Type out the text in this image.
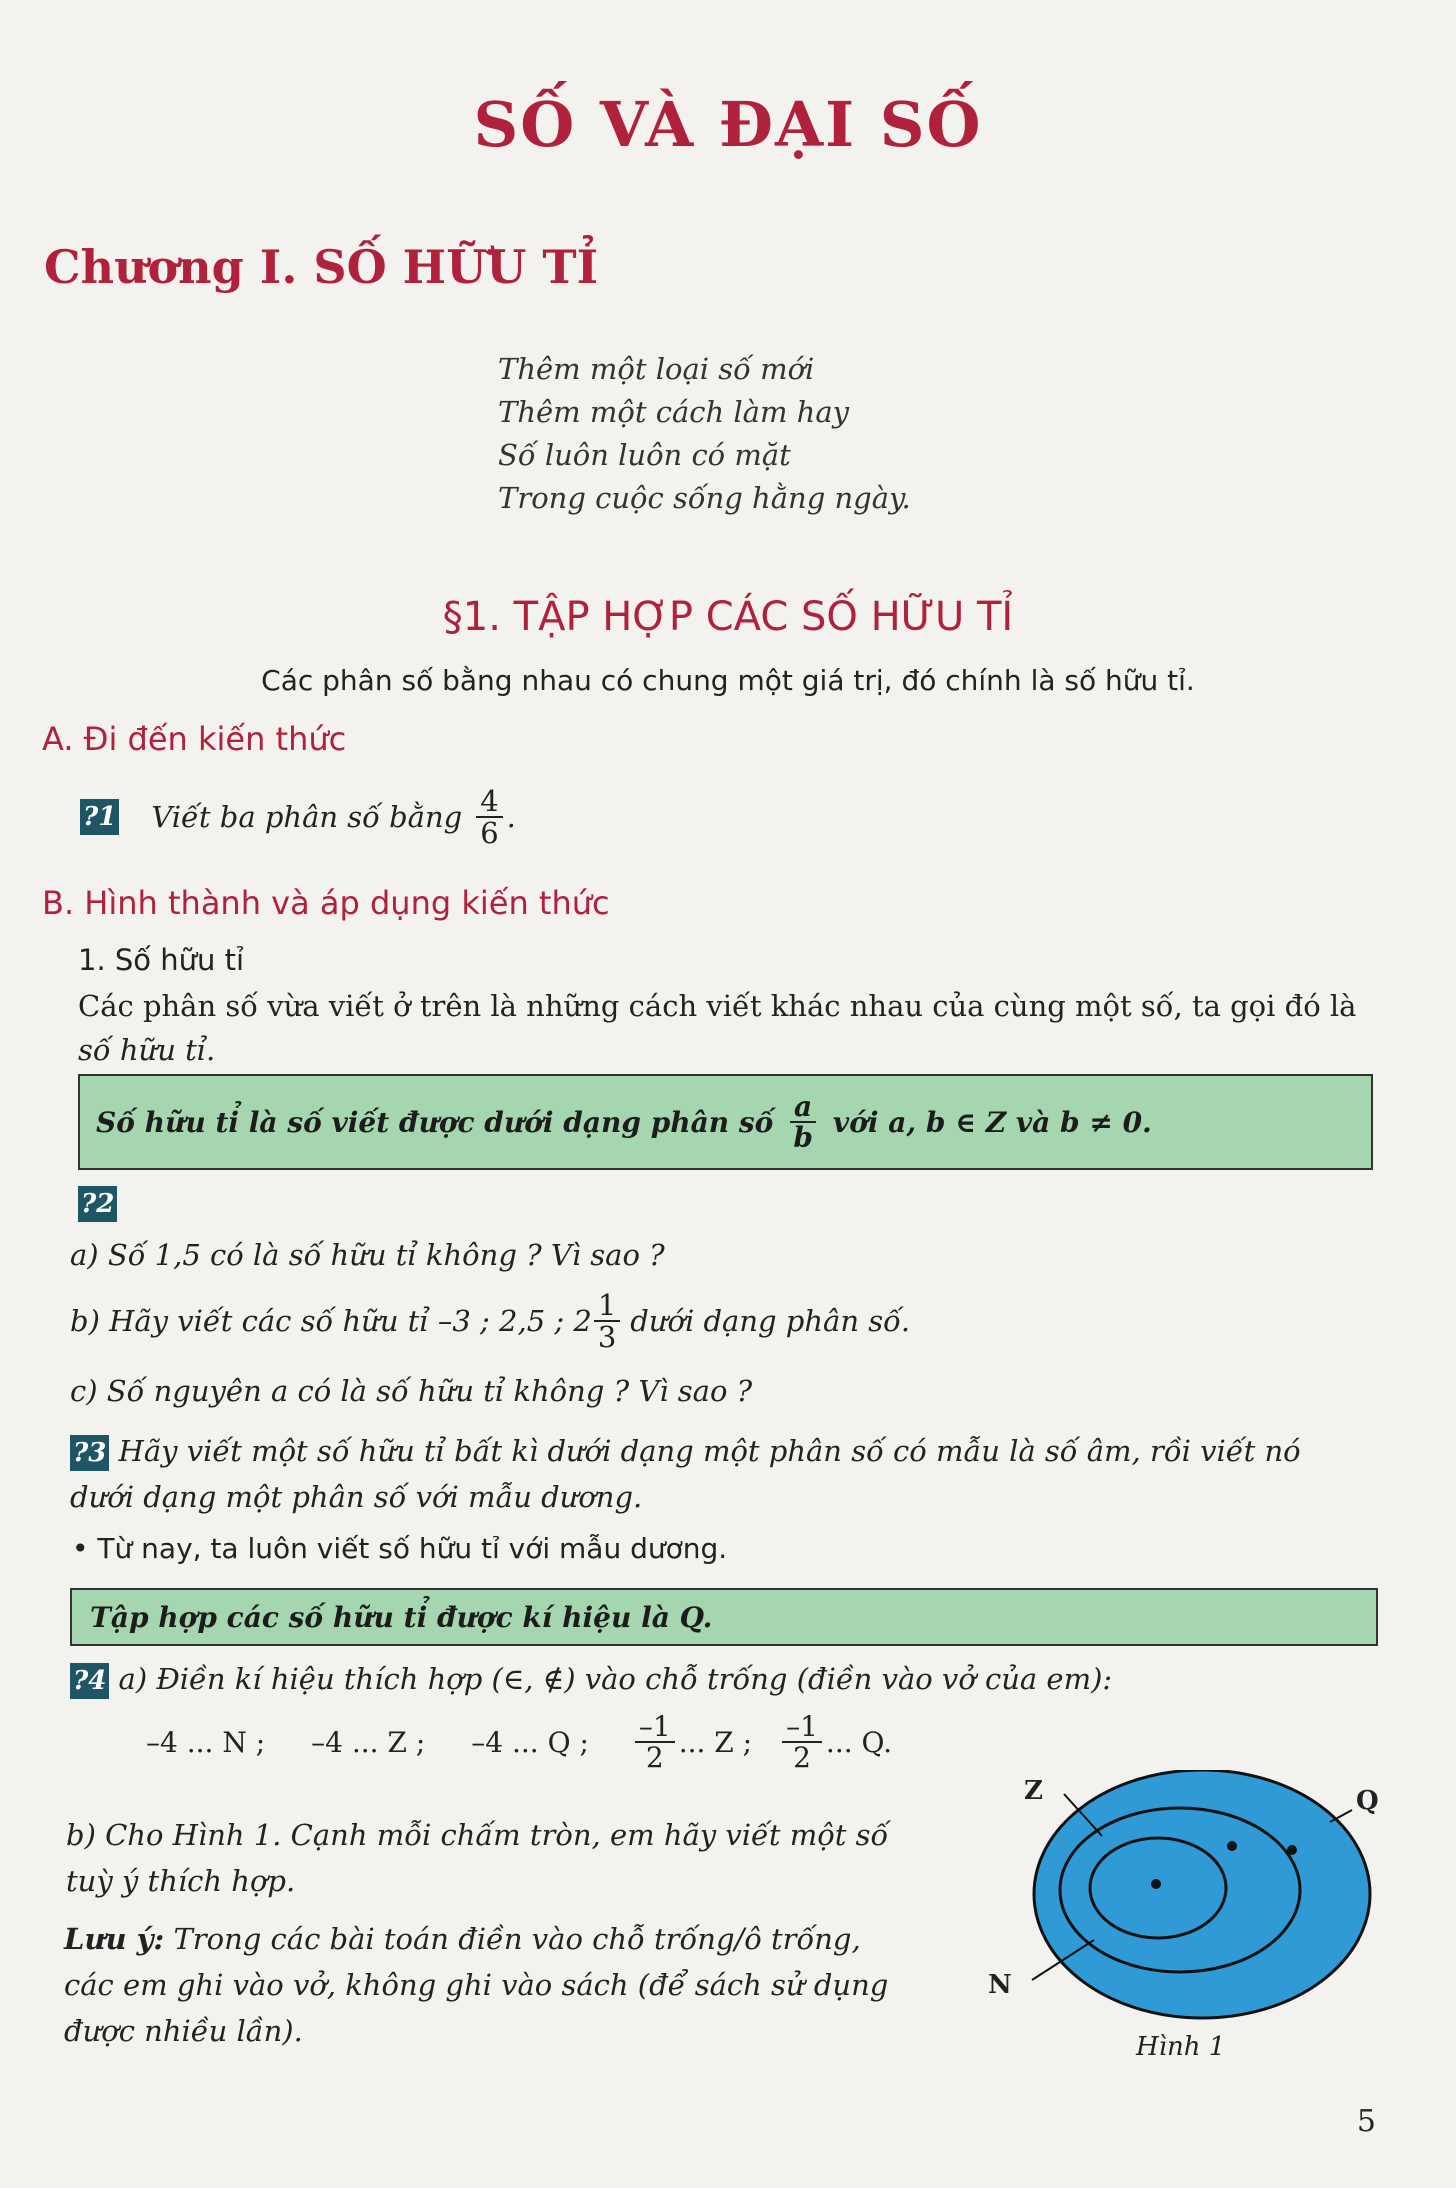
SỐ VÀ ĐẠI SỐ
Chương I. SỐ HỮU TỈ
Thêm một loại số mới
Thêm một cách làm hay
Số luôn luôn có mặt
Trong cuộc sống hằng ngày.
§1. TẬP HỢP CÁC SỐ HỮU TỈ
Các phân số bằng nhau có chung một giá trị, đó chính là số hữu tỉ.
A. Đi đến kiến thức
?1 Viết ba phân số bằng $\frac{4}{6}$ .
B. Hình thành và áp dụng kiến thức
1. Số hữu tỉ
Các phân số vừa viết ở trên là những cách viết khác nhau của cùng một số, ta gọi đó là
số hữu tỉ.
Số hữu tỉ là số viết được dưới dạng phân số $\frac{a}{b}$ với a, b ∈ Z và b ≠ 0.
?2
a) Số 1,5 có là số hữu tỉ không ? Vì sao ?
b) Hãy viết các số hữu tỉ –3 ; 2,5 ; $2 \frac{1}{3}$ dưới dạng phân số.
c) Số nguyên a có là số hữu tỉ không ? Vì sao ?
?3 Hãy viết một số hữu tỉ bất kì dưới dạng một phân số có mẫu là số âm, rồi viết nó
dưới dạng một phân số với mẫu dương.
• Từ nay, ta luôn viết số hữu tỉ với mẫu dương.
Tập hợp các số hữu tỉ được kí hiệu là Q.
?4 a) Điền kí hiệu thích hợp (∈, ∉) vào chỗ trống (điền vào vở của em):
–4 ... N ; –4 ... Z ; –4 ... Q ; $\frac{-1}{2}$ ... Z ; $\frac{-1}{2}$ ... Q.
b) Cho Hình 1. Cạnh mỗi chấm tròn, em hãy viết một số
tuỳ ý thích hợp.
Lưu ý: Trong các bài toán điền vào chỗ trống/ô trống,
các em ghi vào vở, không ghi vào sách (để sách sử dụng
được nhiều lần).
Z	Q
N
Hình 1
5
